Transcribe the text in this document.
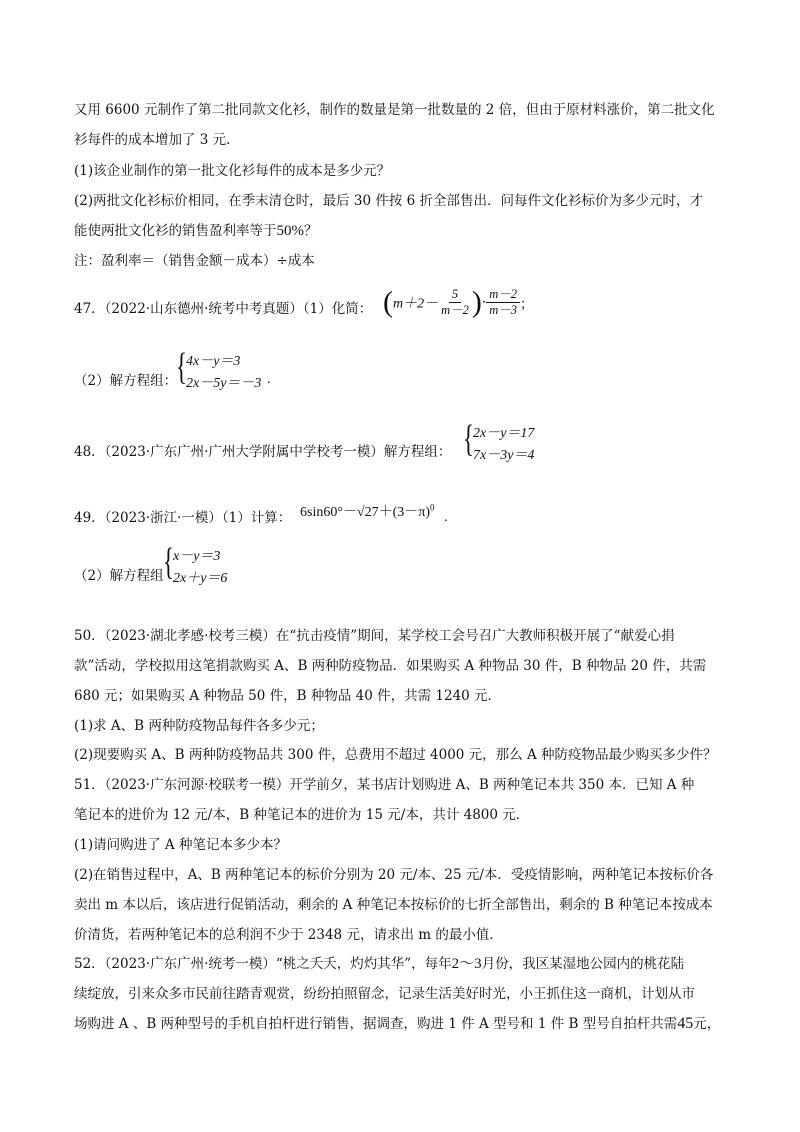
又用 6600 元制作了第二批同款文化衫，制作的数量是第一批数量的 2 倍，但由于原材料涨价，第二批文化
衫每件的成本增加了 3 元.
(1)该企业制作的第一批文化衫每件的成本是多少元？
(2)两批文化衫标价相同，在季末清仓时，最后 30 件按 6 折全部售出．问每件文化衫标价为多少元时，才
能使两批文化衫的销售盈利率等于50%？
注：盈利率＝（销售金额－成本）÷成本
47．（2022·山东德州·统考中考真题）（1）化简： ($m+2- \frac{5}{m-2}$ )· $\frac{m-2}{m-3}$ ；
（2）解方程组：
{ 4x－y＝3
2x－5y＝－3 .
48．（2023·广东广州·广州大学附属中学校考一模）解方程组： { 2x－y＝17
7x－3y＝4
49．（2023·浙江·一模）（1）计算： $6\sin 60^\circ-√27+(3-\pi)^0$
.
（2）解方程组 { x－y＝3
2x＋y＝6
50．（2023·湖北孝感·校考三模）在“抗击疫情”期间，某学校工会号召广大教师积极开展了“献爱心捐
款”活动，学校拟用这笔捐款购买 A、B 两种防疫物品．如果购买 A 种物品 30 件，B 种物品 20 件，共需
680 元；如果购买 A 种物品 50 件，B 种物品 40 件，共需 1240 元．
(1)求 A、B 两种防疫物品每件各多少元；
(2)现要购买 A、B 两种防疫物品共 300 件，总费用不超过 4000 元，那么 A 种防疫物品最少购买多少件？
51．（2023·广东河源·校联考一模）开学前夕，某书店计划购进 A、B 两种笔记本共 350 本．已知 A 种
笔记本的进价为 12 元/本，B 种笔记本的进价为 15 元/本，共计 4800 元．
(1)请问购进了 A 种笔记本多少本？
(2)在销售过程中，A、B 两种笔记本的标价分别为 20 元/本、25 元/本．受疫情影响，两种笔记本按标价各
卖出 m 本以后，该店进行促销活动，剩余的 A 种笔记本按标价的七折全部售出，剩余的 B 种笔记本按成本
价清货，若两种笔记本的总利润不少于 2348 元，请求出 m 的最小值．
52．（2023·广东广州·统考一模）“桃之夭夭，灼灼其华”，每年2～3月份，我区某湿地公园内的桃花陆
续绽放，引来众多市民前往踏青观赏，纷纷拍照留念，记录生活美好时光，小王抓住这一商机，计划从市
场购进 A 、B 两种型号的手机自拍杆进行销售，据调查，购进 1 件 A 型号和 1 件 B 型号自拍杆共需45元，
